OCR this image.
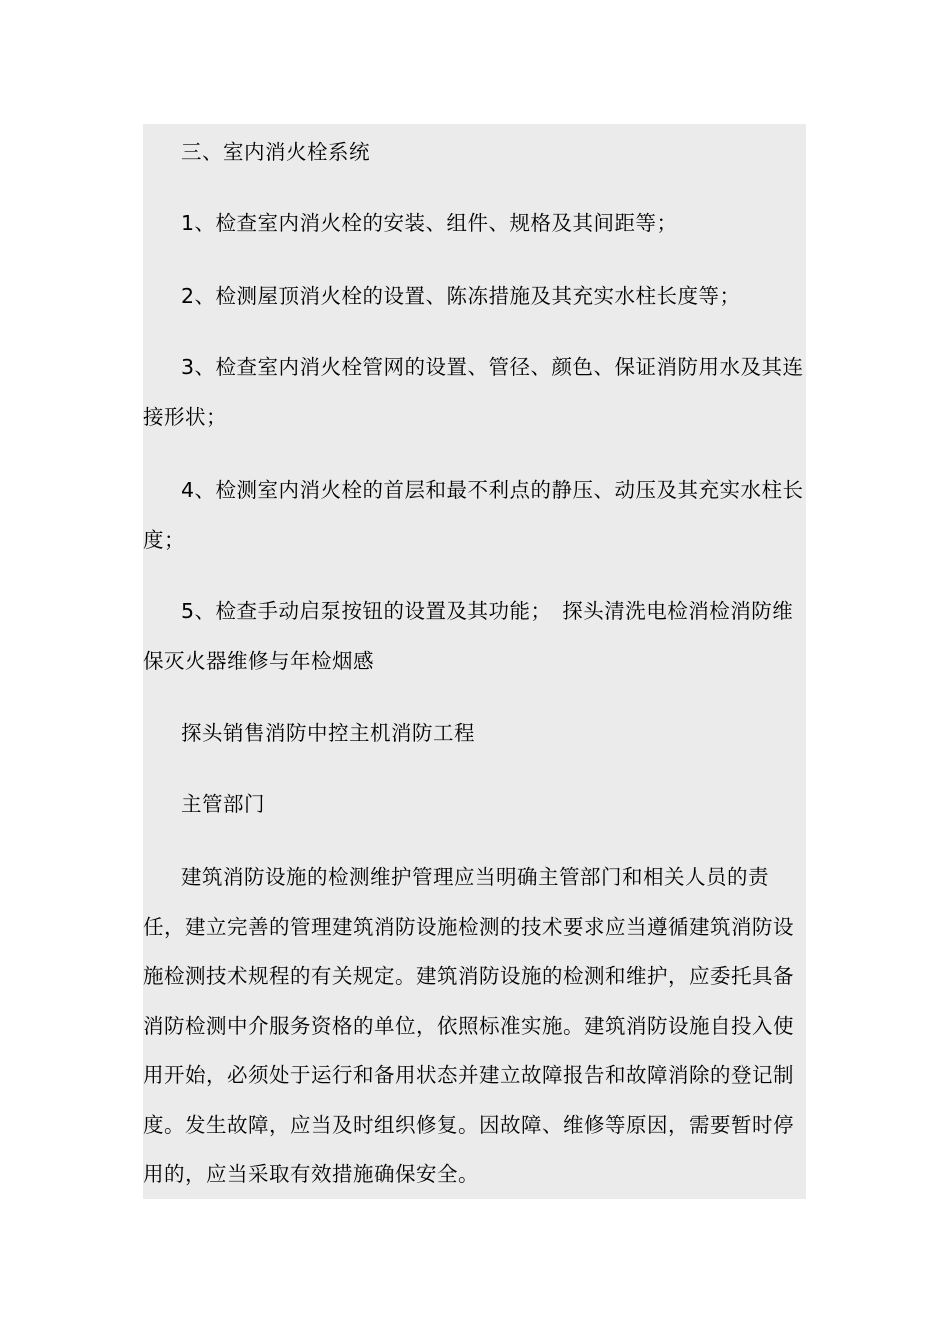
三、室内消火栓系统

1、检查室内消火栓的安装、组件、规格及其间距等；

2、检测屋顶消火栓的设置、陈冻措施及其充实水柱长度等；

3、检查室内消火栓管网的设置、管径、颜色、保证消防用水及其连接形状；

4、检测室内消火栓的首层和最不利点的静压、动压及其充实水柱长度；

5、检查手动启泵按钮的设置及其功能；　探头清洗电检消检消防维保灭火器维修与年检烟感

探头销售消防中控主机消防工程

主管部门

建筑消防设施的检测维护管理应当明确主管部门和相关人员的责任，建立完善的管理建筑消防设施检测的技术要求应当遵循建筑消防设施检测技术规程的有关规定。建筑消防设施的检测和维护，应委托具备消防检测中介服务资格的单位，依照标准实施。建筑消防设施自投入使用开始，必须处于运行和备用状态并建立故障报告和故障消除的登记制度。发生故障，应当及时组织修复。因故障、维修等原因，需要暂时停用的，应当采取有效措施确保安全。
